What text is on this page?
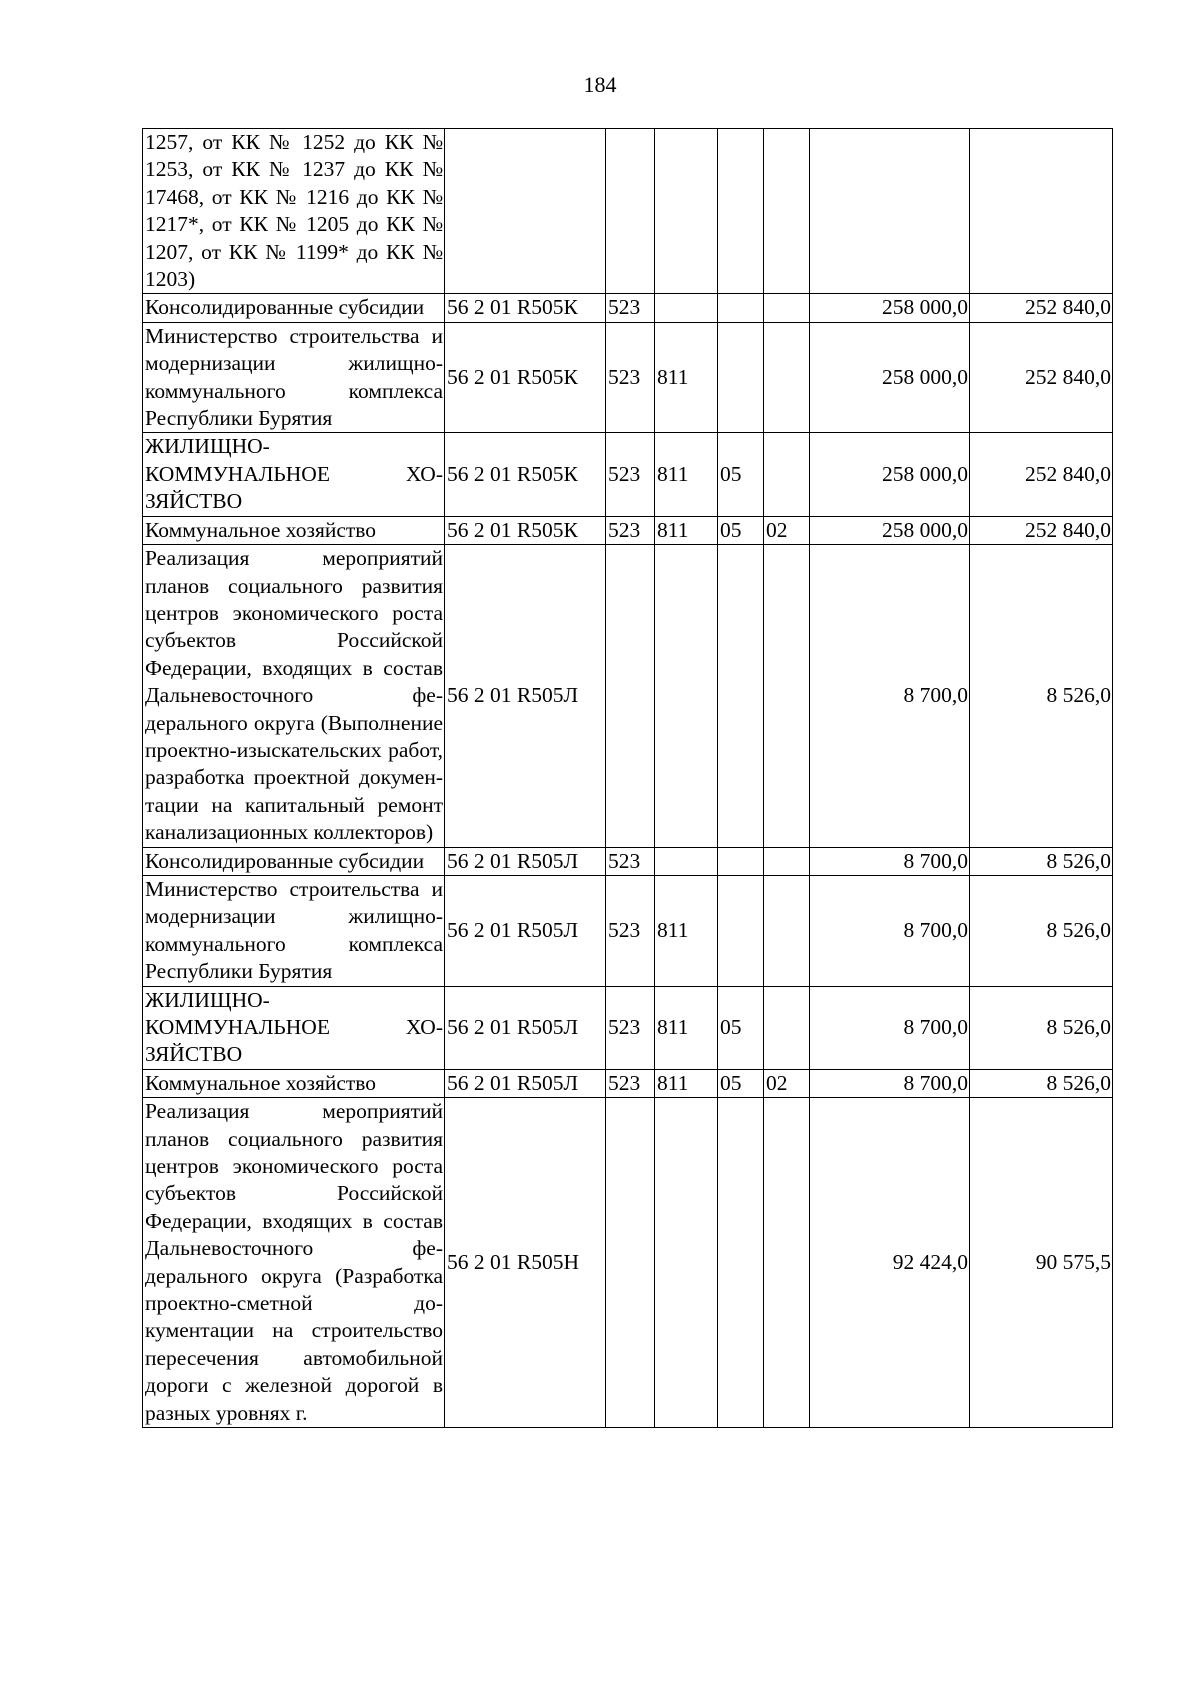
184
1257, от КК № 1252 до КК № 1253, от КК № 1237 до КК № 17468, от КК № 1216 до КК № 1217*, от КК № 1205 до КК № 1207, от КК № 1199* до КК № 1203)							

Консолидированные субсидии	56 2 01 R505К	523				258 000,0	252 840,0

Министерство строительства и модернизации жилищно-коммунального комплекса Республики Бурятия	56 2 01 R505К	523	811			258 000,0	252 840,0

ЖИЛИЩНО-КОММУНАЛЬНОЕ ХОЗЯЙСТВО	56 2 01 R505К	523	811	05		258 000,0	252 840,0

Коммунальное хозяйство	56 2 01 R505К	523	811	05	02	258 000,0	252 840,0

Реализация мероприятий планов социального развития центров экономического роста субъектов Российской Федерации, входящих в состав Дальневосточного федерального округа (Выполнение проектно-изыскательских работ, разработка проектной документации на капитальный ремонт канализационных коллекторов)	56 2 01 R505Л					8 700,0	8 526,0

Консолидированные субсидии	56 2 01 R505Л	523				8 700,0	8 526,0

Министерство строительства и модернизации жилищно-коммунального комплекса Республики Бурятия	56 2 01 R505Л	523	811			8 700,0	8 526,0

ЖИЛИЩНО-КОММУНАЛЬНОЕ ХОЗЯЙСТВО	56 2 01 R505Л	523	811	05		8 700,0	8 526,0

Коммунальное хозяйство	56 2 01 R505Л	523	811	05	02	8 700,0	8 526,0

Реализация мероприятий планов социального развития центров экономического роста субъектов Российской Федерации, входящих в состав Дальневосточного федерального округа (Разработка проектно-сметной документации на строительство пересечения автомобильной дороги с железной дорогой в разных уровнях г.	56 2 01 R505Н					92 424,0	90 575,5
